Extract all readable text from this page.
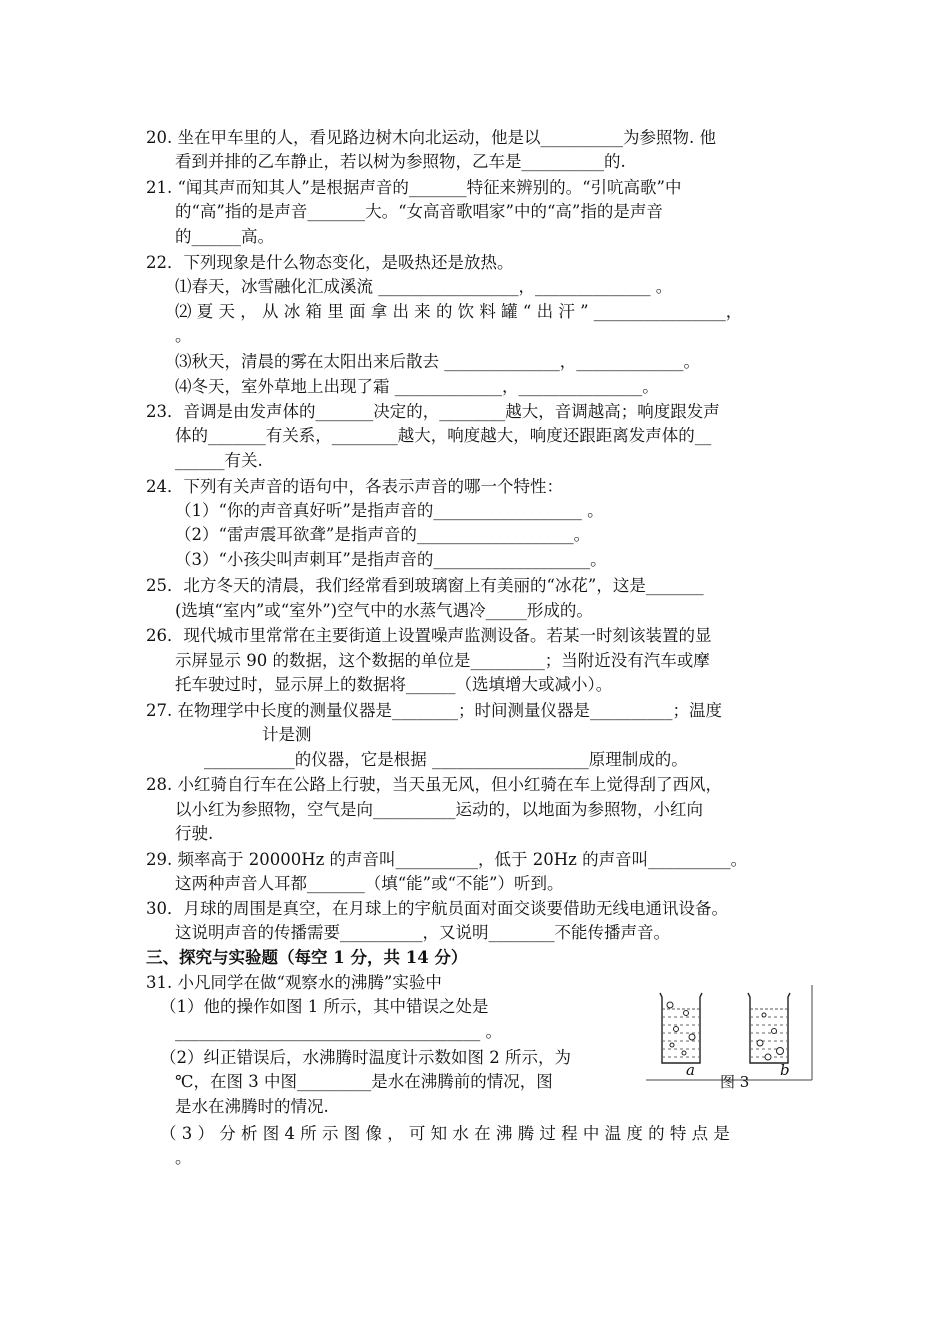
20. 坐在甲车里的人，看见路边树木向北运动，他是以__________为参照物. 他
看到并排的乙车静止，若以树为参照物，乙车是__________的.
21. “闻其声而知其人”是根据声音的_______特征来辨别的。“引吭高歌”中
的“高”指的是声音_______大。“女高音歌唱家”中的“高”指的是声音
的______高。
22．下列现象是什么物态变化，是吸热还是放热。
⑴春天，冰雪融化汇成溪流 _________________，______________ 。
⑵ 夏 天 ， 从 冰 箱 里 面 拿 出 来 的 饮 料 罐 “ 出 汗 ” ________________，
。
⑶秋天，清晨的雾在太阳出来后散去 ______________，_____________。
⑷冬天，室外草地上出现了霜 _____________，_______________。
23．音调是由发声体的_______决定的，________越大，音调越高；响度跟发声
体的_______有关系，________越大，响度越大，响度还跟距离发声体的__
______有关.
24．下列有关声音的语句中，各表示声音的哪一个特性：
（1）“你的声音真好听”是指声音的__________________ 。
（2）“雷声震耳欲聋”是指声音的___________________。
（3）“小孩尖叫声刺耳”是指声音的___________________。
25．北方冬天的清晨，我们经常看到玻璃窗上有美丽的“冰花”，这是_______
(选填“室内”或“室外”)空气中的水蒸气遇冷_____形成的。
26．现代城市里常常在主要街道上设置噪声监测设备。若某一时刻该装置的显
示屏显示 90 的数据，这个数据的单位是_________；当附近没有汽车或摩
托车驶过时，显示屏上的数据将______（选填增大或减小）。
27. 在物理学中长度的测量仪器是________；时间测量仪器是__________；温度
计是测
___________的仪器，它是根据 ___________________原理制成的。
28. 小红骑自行车在公路上行驶，当天虽无风，但小红骑在车上觉得刮了西风，
以小红为参照物，空气是向__________运动的，以地面为参照物，小红向
行驶.
29. 频率高于 20000Hz 的声音叫__________，低于 20Hz 的声音叫__________。
这两种声音人耳都_______（填“能”或“不能”）听到。
30．月球的周围是真空，在月球上的宇航员面对面交谈要借助无线电通讯设备。
这说明声音的传播需要__________，又说明________不能传播声音。
三、探究与实验题（每空 1 分，共 14 分）
31. 小凡同学在做“观察水的沸腾”实验中
（1）他的操作如图 1 所示，其中错误之处是
_____________________________________ 。
（2）纠正错误后，水沸腾时温度计示数如图 2 所示，为
℃，在图 3 中图_________是水在沸腾前的情况，图
是水在沸腾时的情况.
（ 3 ） 分 析 图 4 所 示 图 像 ， 可 知 水 在 沸 腾 过 程 中 温 度 的 特 点 是
。
a	b
图 3
